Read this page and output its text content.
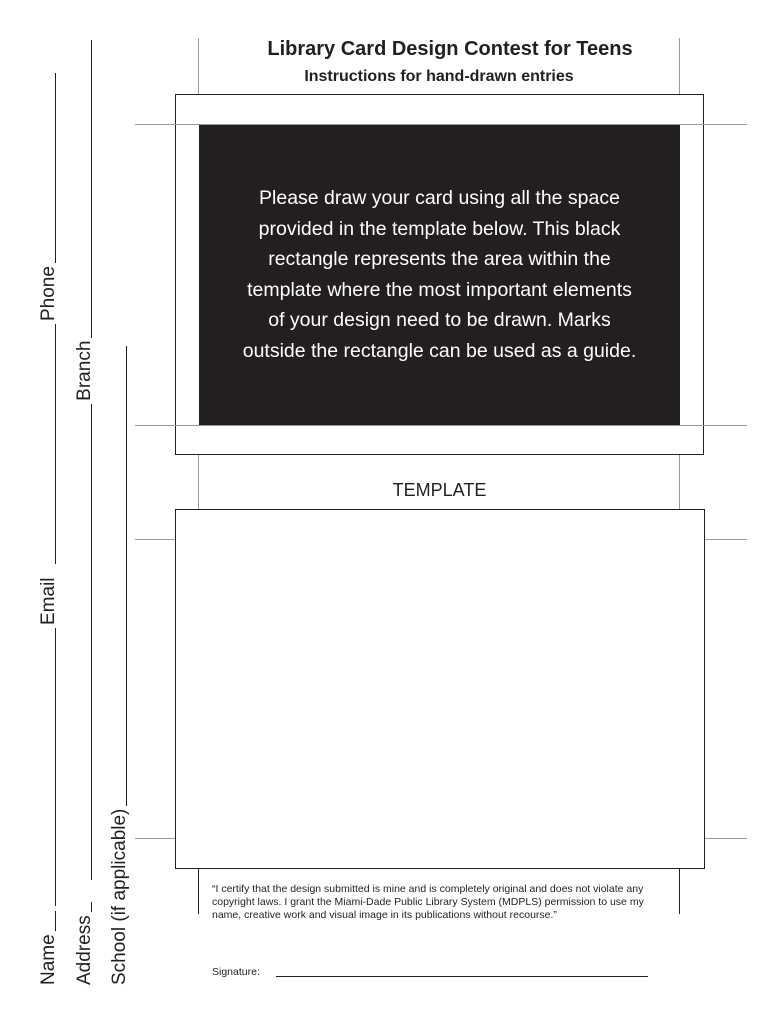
Library Card Design Contest for Teens
Instructions for hand-drawn entries

Please draw your card using all the space provided in the template below. This black rectangle represents the area within the template where the most important elements of your design need to be drawn. Marks outside the rectangle can be used as a guide.

TEMPLATE
“I certify that the design submitted is mine and is completely original and does not violate any copyright laws. I grant the Miami-Dade Public Library System (MDPLS) permission to use my name, creative work and visual image in its publications without recourse.”
Signature:
Name
Email
Phone
Address
Branch
School (if applicable)
